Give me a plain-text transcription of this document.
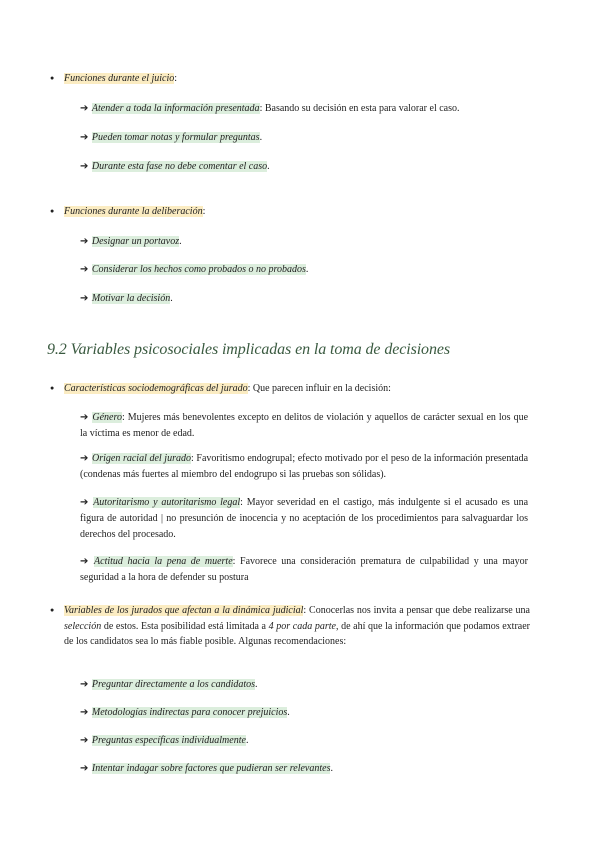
● Funciones durante el juicio:
➔ Atender a toda la información presentada: Basando su decisión en esta para valorar el caso.
➔ Pueden tomar notas y formular preguntas.
➔ Durante esta fase no debe comentar el caso.
● Funciones durante la deliberación:
➔ Designar un portavoz.
➔ Considerar los hechos como probados o no probados.
➔ Motivar la decisión.
9.2 Variables psicosociales implicadas en la toma de decisiones
● Características sociodemográficas del jurado: Que parecen influir en la decisión:
➔ Género: Mujeres más benevolentes excepto en delitos de violación y aquellos de carácter sexual en los que la víctima es menor de edad.
➔ Origen racial del jurado: Favoritismo endogrupal; efecto motivado por el peso de la información presentada (condenas más fuertes al miembro del endogrupo si las pruebas son sólidas).
➔ Autoritarismo y autoritarismo legal: Mayor severidad en el castigo, más indulgente si el acusado es una figura de autoridad | no presunción de inocencia y no aceptación de los procedimientos para salvaguardar los derechos del procesado.
➔ Actitud hacia la pena de muerte: Favorece una consideración prematura de culpabilidad y una mayor seguridad a la hora de defender su postura
● Variables de los jurados que afectan a la dinámica judicial: Conocerlas nos invita a pensar que debe realizarse una selección de estos. Esta posibilidad está limitada a 4 por cada parte, de ahí que la información que podamos extraer de los candidatos sea lo más fiable posible. Algunas recomendaciones:
➔ Preguntar directamente a los candidatos.
➔ Metodologías indirectas para conocer prejuicios.
➔ Preguntas específicas individualmente.
➔ Intentar indagar sobre factores que pudieran ser relevantes.
